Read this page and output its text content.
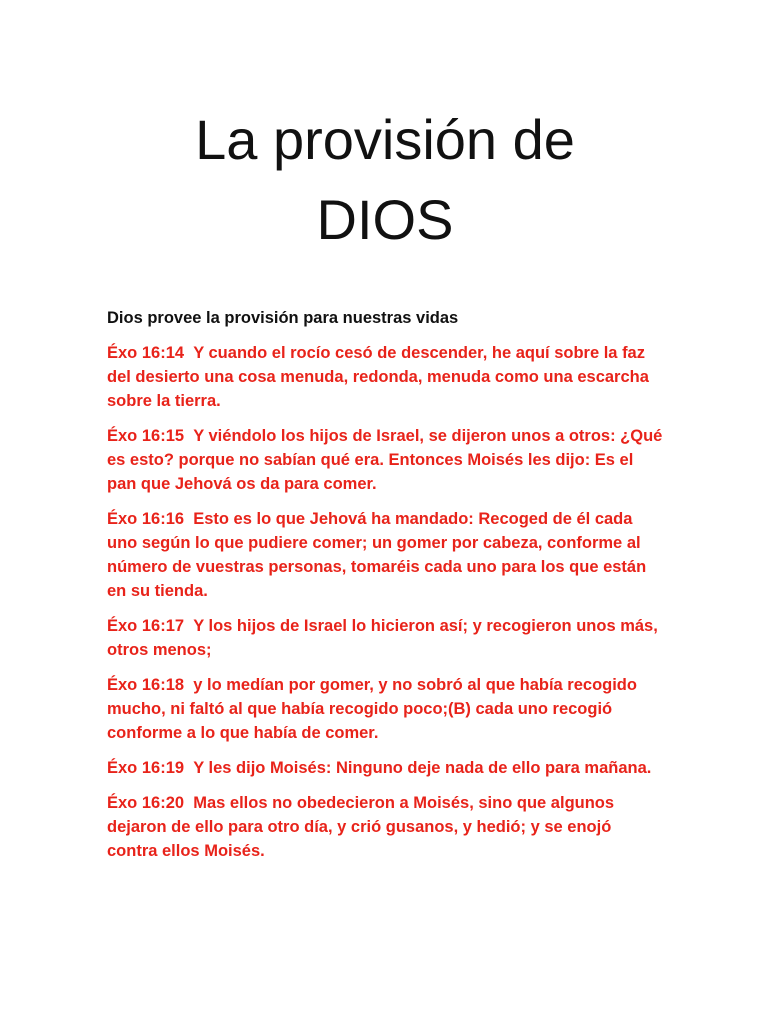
La provisión de
DIOS

Dios provee la provisión para nuestras vidas

Éxo 16:14 Y cuando el rocío cesó de descender, he aquí sobre la faz del desierto una cosa menuda, redonda, menuda como una escarcha sobre la tierra.

Éxo 16:15 Y viéndolo los hijos de Israel, se dijeron unos a otros: ¿Qué es esto? porque no sabían qué era. Entonces Moisés les dijo: Es el pan que Jehová os da para comer.

Éxo 16:16 Esto es lo que Jehová ha mandado: Recoged de él cada uno según lo que pudiere comer; un gomer por cabeza, conforme al número de vuestras personas, tomaréis cada uno para los que están en su tienda.

Éxo 16:17 Y los hijos de Israel lo hicieron así; y recogieron unos más, otros menos;

Éxo 16:18 y lo medían por gomer, y no sobró al que había recogido mucho, ni faltó al que había recogido poco;(B) cada uno recogió conforme a lo que había de comer.

Éxo 16:19 Y les dijo Moisés: Ninguno deje nada de ello para mañana.

Éxo 16:20 Mas ellos no obedecieron a Moisés, sino que algunos dejaron de ello para otro día, y crió gusanos, y hedió; y se enojó contra ellos Moisés.
